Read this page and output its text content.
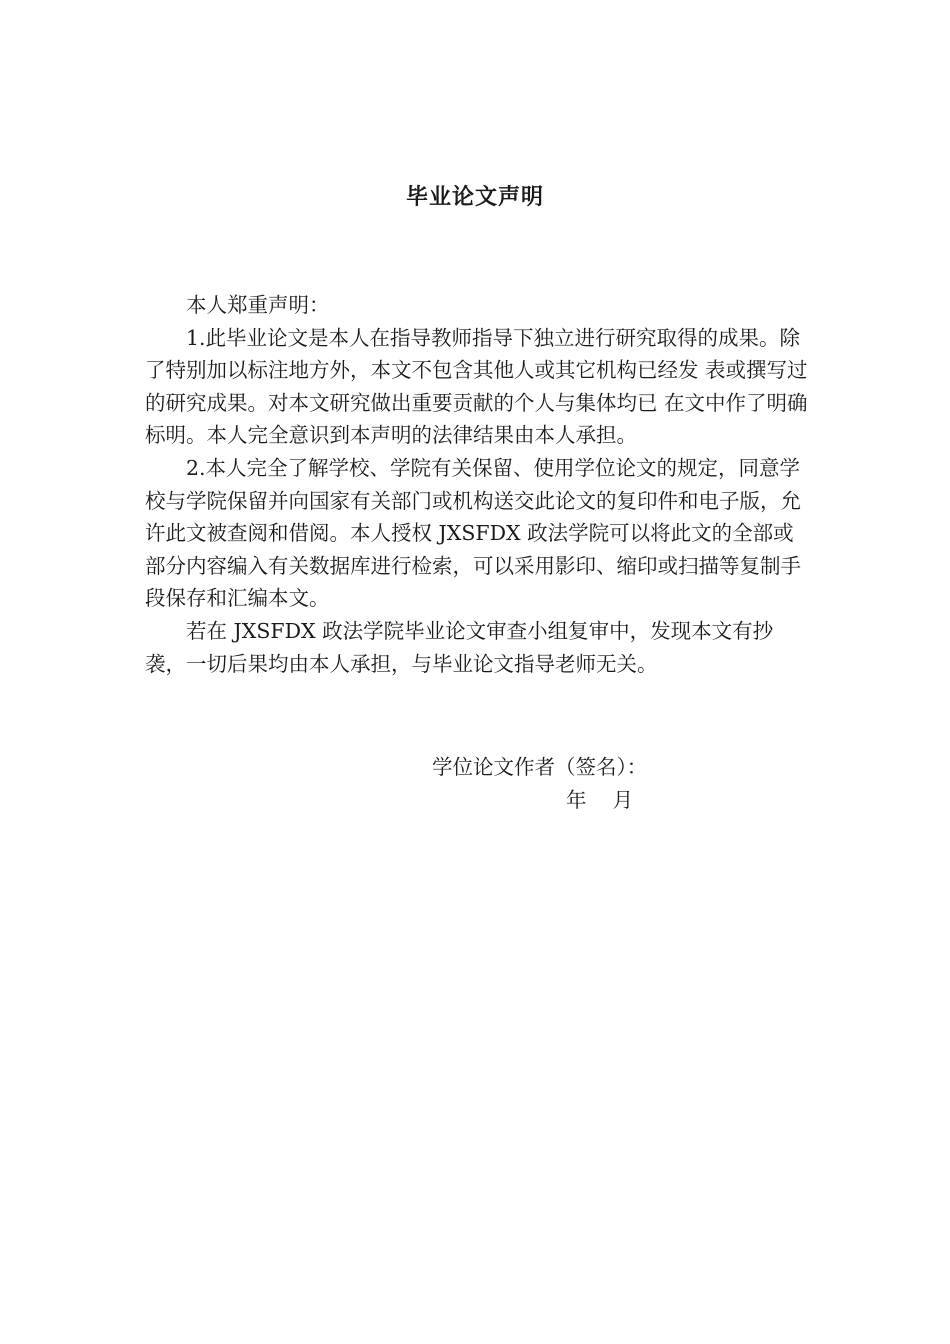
毕业论文声明

本人郑重声明：

1.此毕业论文是本人在指导教师指导下独立进行研究取得的成果。除了特别加以标注地方外，本文不包含其他人或其它机构已经发 表或撰写过的研究成果。对本文研究做出重要贡献的个人与集体均已 在文中作了明确标明。本人完全意识到本声明的法律结果由本人承担。

2.本人完全了解学校、学院有关保留、使用学位论文的规定，同意学校与学院保留并向国家有关部门或机构送交此论文的复印件和电子版，允许此文被查阅和借阅。本人授权 JXSFDX 政法学院可以将此文的全部或部分内容编入有关数据库进行检索，可以采用影印、缩印或扫描等复制手段保存和汇编本文。

若在 JXSFDX 政法学院毕业论文审查小组复审中，发现本文有抄袭，一切后果均由本人承担，与毕业论文指导老师无关。

学位论文作者（签名）：
年    月
